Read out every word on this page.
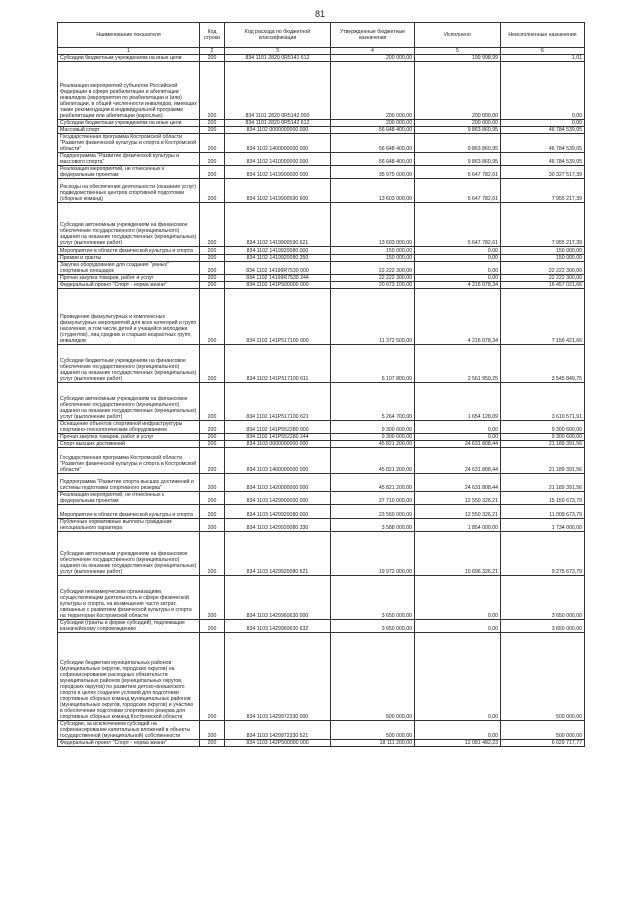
81
Наименование показателя	Код строки	Код расхода по бюджетной классификации	Утвержденные бюджетные назначения	Исполнено	Неисполненные назначения
1	2	3	4	5	6
Субсидии бюджетным учреждениям на иные цели	200	834 1101 2820 0R5141 612	200 000,00	199 998,99	1,01
Реализация мероприятий субъектов Российской Федерации в сфере реабилитации и абилитации инвалидов (мероприятия по реабилитации и (или) абилитации, в общей численности инвалидов, имеющих такие рекомендации в индивидуальной программе реабилитации или абилитации (взрослые)	200	834 1101 2820 0R5142 000	200 000,00	200 000,00	0,00
Субсидии бюджетным учреждениям на иные цели	200	834 1101 2820 0R5142 612	200 000,00	200 000,00	0,00
Массовый спорт	200	834 1102 0000000000 000	56 648 400,00	9 863 860,95	46 784 539,05
Государственная программа Костромской области "Развитие физической культуры и спорта в Костромской области"	200	834 1102 1400000000 000	56 648 400,00	9 863 860,95	46 784 539,05
Подпрограмма "Развитие физической культуры и массового спорта"	200	834 1102 1410000000 000	56 648 400,00	9 863 860,95	46 784 539,05
Реализация мероприятий, не отнесенных к федеральным проектам	200	834 1102 1419900000 000	35 975 000,00	5 647 782,61	30 327 517,39
Расходы на обеспечение деятельности (оказание услуг) подведомственных центров спортивной подготовки (сборных команд)	200	834 1102 1419900590 600	13 603 000,00	5 647 782,61	7 955 217,39
Субсидии автономным учреждениям на финансовое обеспечение государственного (муниципального) задания на оказание государственных (муниципальных) услуг (выполнение работ)	200	834 1102 1419900590 621	13 603 000,00	5 647 782,61	7 955 217,39
Мероприятия в области физической культуры и спорта	200	834 1102 1419920080 000	150 000,00	0,00	150 000,00
Премии и гранты	200	834 1102 1419920080 350	150 000,00	0,00	150 000,00
Закупка оборудования для создания "умных" спортивных площадок	200	834 1102 14199R7530 000	22 222 300,00	0,00	22 222 300,00
Прочая закупка товаров, работ и услуг	200	834 1102 14199R7530 244	22 222 300,00	0,00	22 222 300,00
Федеральный проект "Спорт - норма жизни"	200	834 1102 141P500000 000	20 673 100,00	4 216 078,34	16 457 021,66
Проведение физкультурных и комплексных физкультурных мероприятий для всех категорий и групп населения, в том числе детей и учащейся молодежи (студентов), лиц средних и старших возрастных групп, инвалидов	200	834 1102 141P517100 000	11 372 500,00	4 216 078,34	7 156 421,66
Субсидии бюджетным учреждениям на финансовое обеспечение государственного (муниципального) задания на оказание государственных (муниципальных) услуг (выполнение работ)	200	834 1102 141P517100 611	6 107 800,00	2 561 950,25	3 545 849,75
Субсидии автономным учреждениям на финансовое обеспечение государственного (муниципального) задания на оказание государственных (муниципальных) услуг (выполнение работ)	200	834 1102 141P517100 621	5 264 700,00	1 654 128,09	3 610 571,91
Оснащение объектов спортивной инфраструктуры спортивно-технологическим оборудованием	200	834 1102 141P552280 000	9 300 600,00	0,00	9 300 600,00
Прочая закупка товаров, работ и услуг	200	834 1102 141P552280 244	9 300 600,00	0,00	9 300 600,00
Спорт высших достижений	200	834 1103 0000000000 000	45 821 200,00	24 631 808,44	21 189 391,56
Государственная программа Костромской области "Развитие физической культуры и спорта в Костромской области"	200	834 1103 1400000000 000	45 821 200,00	24 631 808,44	21 189 391,56
Подпрограмма "Развитие спорта высших достижений и системы подготовки спортивного резерва"	200	834 1103 1420000000 000	45 821 200,00	24 631 808,44	21 189 391,56
Реализация мероприятий, не отнесенных к федеральным проектам	200	834 1103 1429900000 000	27 710 000,00	12 550 326,21	15 159 673,79
Мероприятия в области физической культуры и спорта	200	834 1103 1429920080 000	23 560 000,00	12 550 326,21	11 009 673,79
Публичные нормативные выплаты гражданам несоциального характера	200	834 1103 1429920080 330	3 588 000,00	1 854 000,00	1 734 000,00
Субсидии автономным учреждениям на финансовое обеспечение государственного (муниципального) задания на оказание государственных (муниципальных) услуг (выполнение работ)	200	834 1103 1429920080 621	19 972 000,00	10 696 326,21	9 275 673,79
Субсидии некоммерческим организациям, осуществляющим деятельность в сфере физической культуры и спорта, на возмещение части затрат, связанных с развитием физической культуры и спорта на территории Костромской области	200	834 1103 1429960630 000	3 650 000,00	0,00	3 650 000,00
Субсидии (гранты в форме субсидий), подлежащие казначейскому сопровождению	200	834 1103 1429960630 632	3 650 000,00	0,00	3 650 000,00
Субсидии бюджетам муниципальных районов (муниципальных округов, городских округов) на софинансирование расходных обязательств муниципальных районов (муниципальных округов, городских округов) по развитию детско-юношеского спорта в целях создания условий для подготовки спортивных сборных команд муниципальных районов (муниципальных округов, городских округов) и участию в обеспечении подготовки спортивного резерва для спортивных сборных команд Костромской области	200	834 1103 1429972330 000	500 000,00	0,00	500 000,00
Субсидии, за исключением субсидий на софинансирование капитальных вложений в объекты государственной (муниципальной) собственности	200	834 1103 1429972330 521	500 000,00	0,00	500 000,00
Федеральный проект "Спорт - норма жизни"	200	834 1103 142P500000 000	18 111 200,00	12 081 482,23	6 029 717,77
